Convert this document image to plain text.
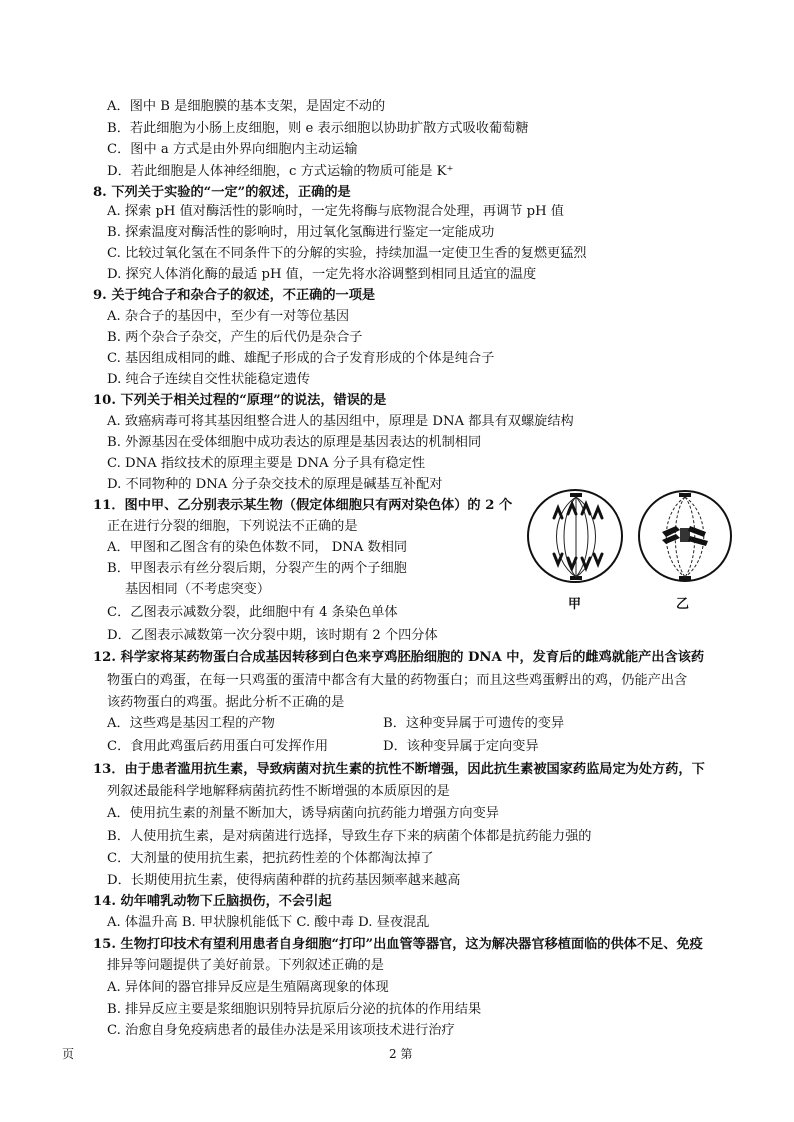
A．图中 B 是细胞膜的基本支架，是固定不动的
B．若此细胞为小肠上皮细胞，则 e 表示细胞以协助扩散方式吸收葡萄糖
C．图中 a 方式是由外界向细胞内主动运输
D．若此细胞是人体神经细胞，c 方式运输的物质可能是 K⁺
8. 下列关于实验的“一定”的叙述，正确的是
A. 探索 pH 值对酶活性的影响时，一定先将酶与底物混合处理，再调节 pH 值
B. 探索温度对酶活性的影响时，用过氧化氢酶进行鉴定一定能成功
C. 比较过氧化氢在不同条件下的分解的实验，持续加温一定使卫生香的复燃更猛烈
D. 探究人体消化酶的最适 pH 值，一定先将水浴调整到相同且适宜的温度
9. 关于纯合子和杂合子的叙述，不正确的一项是
A. 杂合子的基因中，至少有一对等位基因
B. 两个杂合子杂交，产生的后代仍是杂合子
C. 基因组成相同的雌、雄配子形成的合子发育形成的个体是纯合子
D. 纯合子连续自交性状能稳定遗传
10. 下列关于相关过程的“原理”的说法，错误的是
A. 致癌病毒可将其基因组整合进人的基因组中，原理是 DNA 都具有双螺旋结构
B. 外源基因在受体细胞中成功表达的原理是基因表达的机制相同
C. DNA 指纹技术的原理主要是 DNA 分子具有稳定性
D. 不同物种的 DNA 分子杂交技术的原理是碱基互补配对
11．图中甲、乙分别表示某生物（假定体细胞只有两对染色体）的 2 个
正在进行分裂的细胞，下列说法不正确的是
A．甲图和乙图含有的染色体数不同， DNA 数相同
B．甲图表示有丝分裂后期，分裂产生的两个子细胞
基因相同（不考虑突变）
C．乙图表示减数分裂，此细胞中有 4 条染色单体
D．乙图表示减数第一次分裂中期，该时期有 2 个四分体
12. 科学家将某药物蛋白合成基因转移到白色来亨鸡胚胎细胞的 DNA 中，发育后的雌鸡就能产出含该药
物蛋白的鸡蛋，在每一只鸡蛋的蛋清中都含有大量的药物蛋白；而且这些鸡蛋孵出的鸡，仍能产出含
该药物蛋白的鸡蛋。据此分析不正确的是
A．这些鸡是基因工程的产物
C．食用此鸡蛋后药用蛋白可发挥作用
13．由于患者滥用抗生素，导致病菌对抗生素的抗性不断增强，因此抗生素被国家药监局定为处方药，下
列叙述最能科学地解释病菌抗药性不断增强的本质原因的是
A．使用抗生素的剂量不断加大，诱导病菌向抗药能力增强方向变异
B．人使用抗生素，是对病菌进行选择，导致生存下来的病菌个体都是抗药能力强的
C．大剂量的使用抗生素，把抗药性差的个体都淘汰掉了
D．长期使用抗生素，使得病菌种群的抗药基因频率越来越高
14. 幼年哺乳动物下丘脑损伤，不会引起
A. 体温升高 B. 甲状腺机能低下 C. 酸中毒 D. 昼夜混乱
15. 生物打印技术有望利用患者自身细胞“打印”出血管等器官，这为解决器官移植面临的供体不足、免疫
排异等问题提供了美好前景。下列叙述正确的是
A. 异体间的器官排异反应是生殖隔离现象的体现
B. 排异反应主要是浆细胞识别特异抗原后分泌的抗体的作用结果
C. 治愈自身免疫病患者的最佳办法是采用该项技术进行治疗
B．这种变异属于可遗传的变异
D．该种变异属于定向变异
甲	乙
页	2 第
